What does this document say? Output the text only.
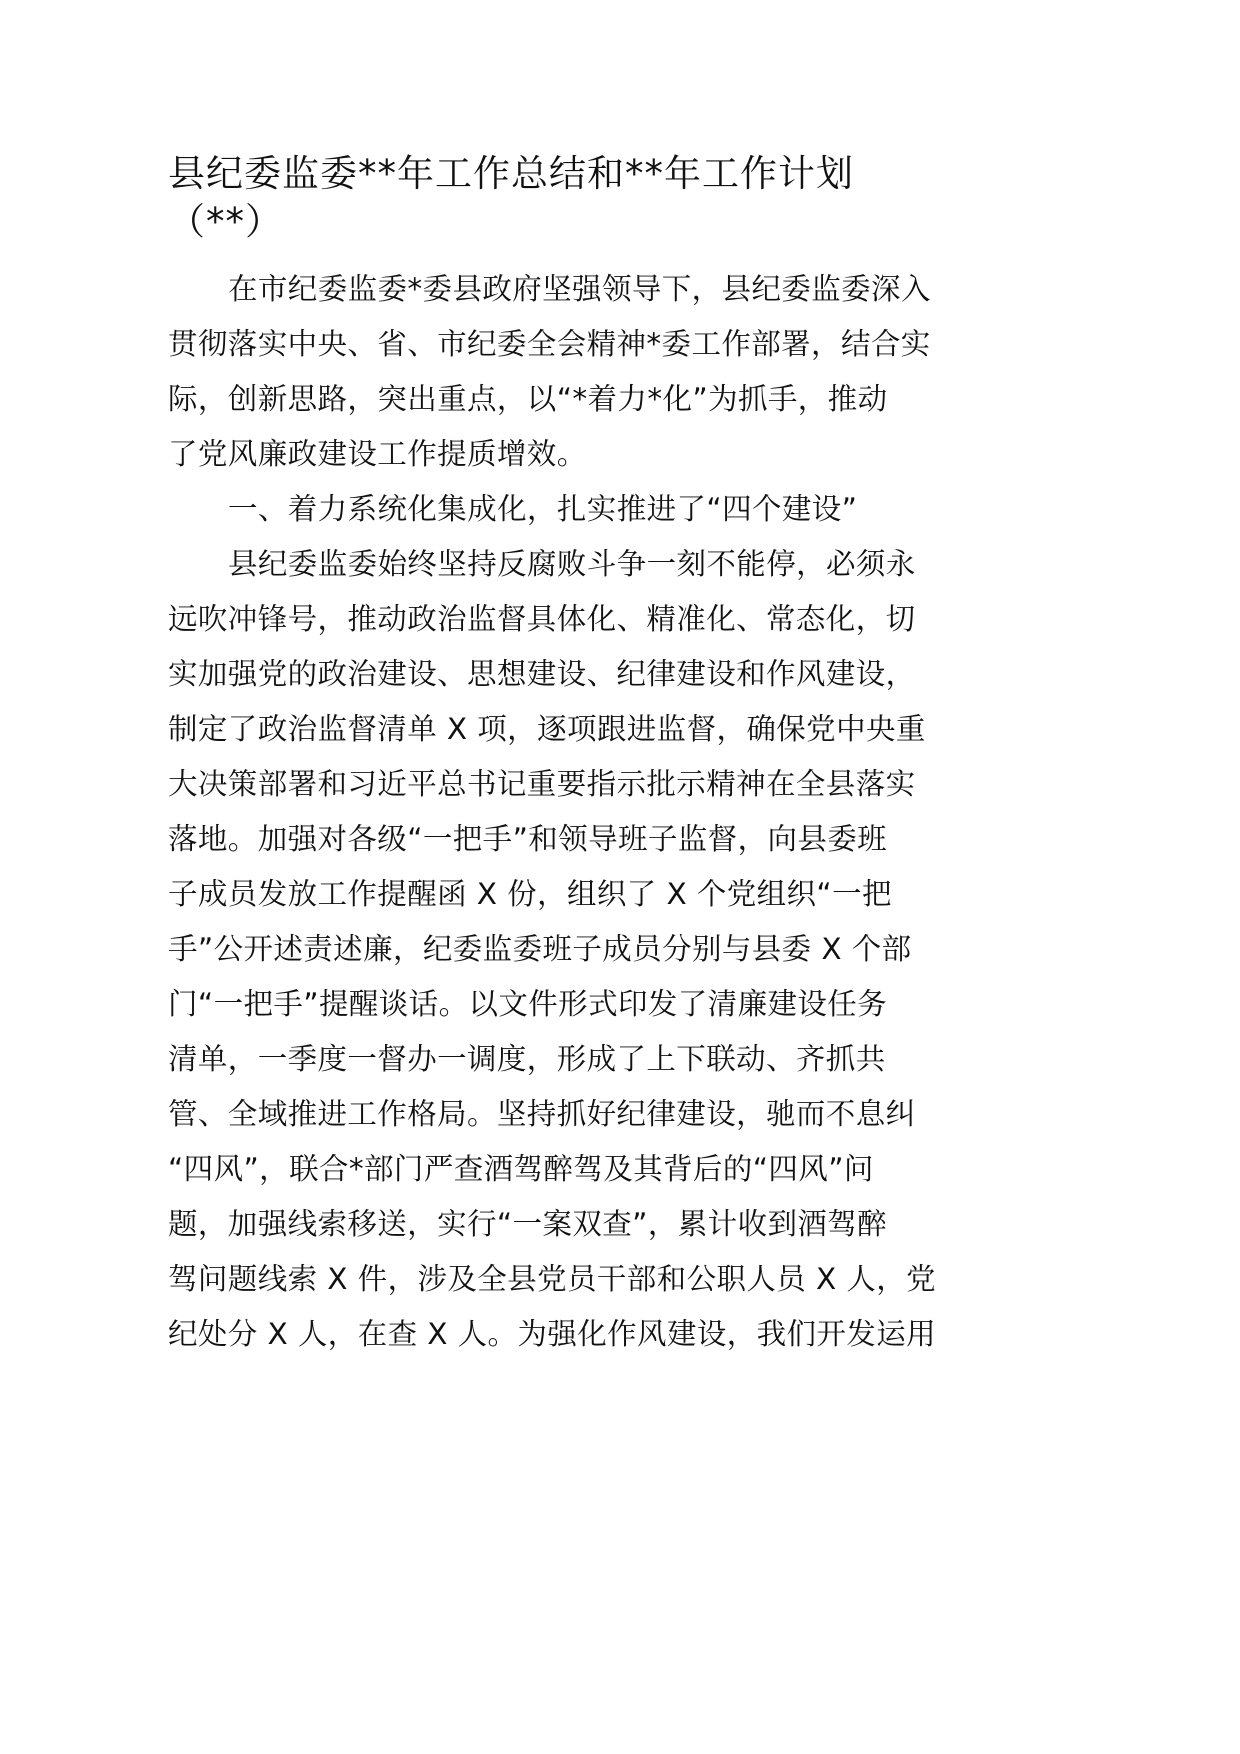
县纪委监委**年工作总结和**年工作计划
（**）
在市纪委监委*委县政府坚强领导下，县纪委监委深入
贯彻落实中央、省、市纪委全会精神*委工作部署，结合实
际，创新思路，突出重点，以“*着力*化”为抓手，推动
了党风廉政建设工作提质增效。
一、着力系统化集成化，扎实推进了“四个建设”
县纪委监委始终坚持反腐败斗争一刻不能停，必须永
远吹冲锋号，推动政治监督具体化、精准化、常态化，切
实加强党的政治建设、思想建设、纪律建设和作风建设，
制定了政治监督清单 X 项，逐项跟进监督，确保党中央重
大决策部署和习近平总书记重要指示批示精神在全县落实
落地。加强对各级“一把手”和领导班子监督，向县委班
子成员发放工作提醒函 X 份，组织了 X 个党组织“一把
手”公开述责述廉，纪委监委班子成员分别与县委 X 个部
门“一把手”提醒谈话。以文件形式印发了清廉建设任务
清单，一季度一督办一调度，形成了上下联动、齐抓共
管、全域推进工作格局。坚持抓好纪律建设，驰而不息纠
“四风”，联合*部门严查酒驾醉驾及其背后的“四风”问
题，加强线索移送，实行“一案双查”，累计收到酒驾醉
驾问题线索 X 件，涉及全县党员干部和公职人员 X 人，党
纪处分 X 人，在查 X 人。为强化作风建设，我们开发运用
